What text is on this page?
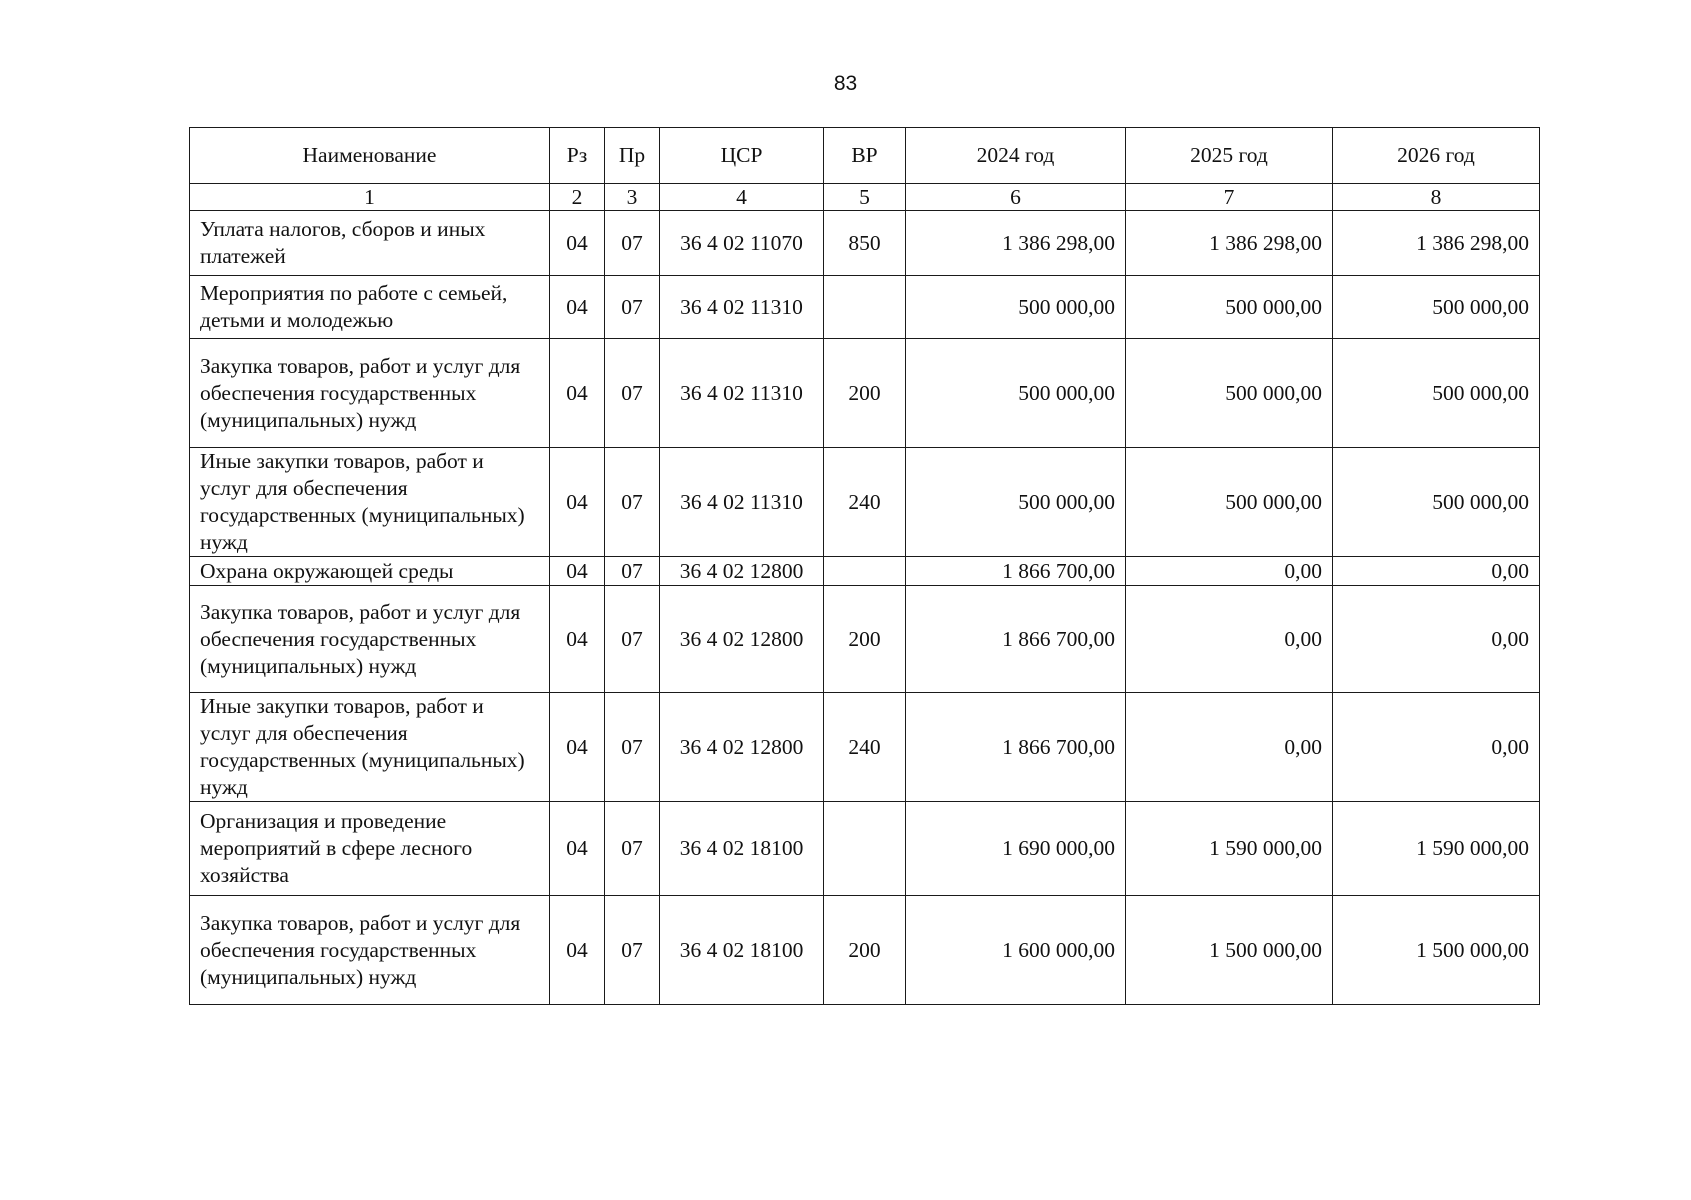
83
Наименование	Рз	Пр	ЦСР	ВР	2024 год	2025 год	2026 год
1	2	3	4	5	6	7	8
Уплата налогов, сборов и иных платежей	04	07	36 4 02 11070	850	1 386 298,00	1 386 298,00	1 386 298,00
Мероприятия по работе с семьей, детьми и молодежью	04	07	36 4 02 11310		500 000,00	500 000,00	500 000,00
Закупка товаров, работ и услуг для обеспечения государственных (муниципальных) нужд	04	07	36 4 02 11310	200	500 000,00	500 000,00	500 000,00
Иные закупки товаров, работ и услуг для обеспечения государственных (муниципальных) нужд	04	07	36 4 02 11310	240	500 000,00	500 000,00	500 000,00
Охрана окружающей среды	04	07	36 4 02 12800		1 866 700,00	0,00	0,00
Закупка товаров, работ и услуг для обеспечения государственных (муниципальных) нужд	04	07	36 4 02 12800	200	1 866 700,00	0,00	0,00
Иные закупки товаров, работ и услуг для обеспечения государственных (муниципальных) нужд	04	07	36 4 02 12800	240	1 866 700,00	0,00	0,00
Организация и проведение мероприятий в сфере лесного хозяйства	04	07	36 4 02 18100		1 690 000,00	1 590 000,00	1 590 000,00
Закупка товаров, работ и услуг для обеспечения государственных (муниципальных) нужд	04	07	36 4 02 18100	200	1 600 000,00	1 500 000,00	1 500 000,00
